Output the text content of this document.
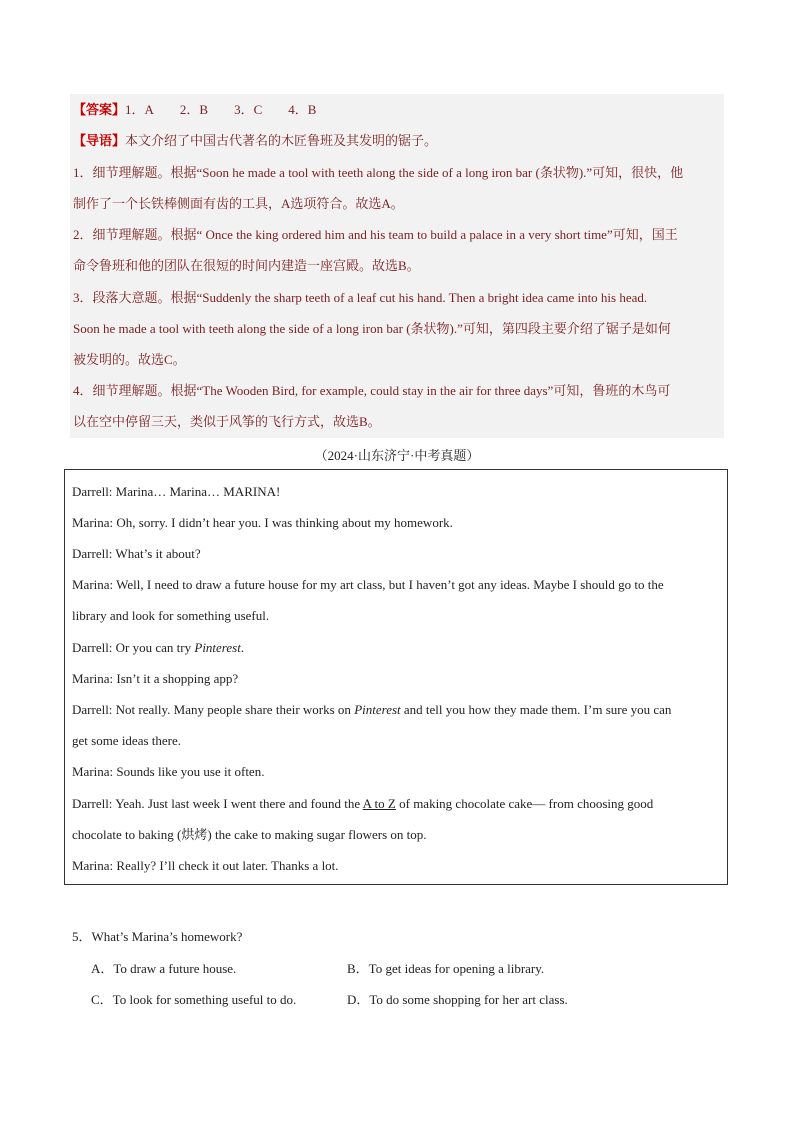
【答案】1．A 2．B 3．C 4．B
【导语】本文介绍了中国古代著名的木匠鲁班及其发明的锯子。
1．细节理解题。根据“Soon he made a tool with teeth along the side of a long iron bar (条状物).”可知，很快，他
制作了一个长铁棒侧面有齿的工具，A选项符合。故选A。
2．细节理解题。根据“ Once the king ordered him and his team to build a palace in a very short time”可知，国王
命令鲁班和他的团队在很短的时间内建造一座宫殿。故选B。
3．段落大意题。根据“Suddenly the sharp teeth of a leaf cut his hand. Then a bright idea came into his head.
Soon he made a tool with teeth along the side of a long iron bar (条状物).”可知，第四段主要介绍了锯子是如何
被发明的。故选C。
4．细节理解题。根据“The Wooden Bird, for example, could stay in the air for three days”可知，鲁班的木鸟可
以在空中停留三天，类似于风筝的飞行方式，故选B。
（2024·山东济宁·中考真题）
Darrell: Marina… Marina… MARINA!
Marina: Oh, sorry. I didn’t hear you. I was thinking about my homework.
Darrell: What’s it about?
Marina: Well, I need to draw a future house for my art class, but I haven’t got any ideas. Maybe I should go to the
library and look for something useful.
Darrell: Or you can try Pinterest.
Marina: Isn’t it a shopping app?
Darrell: Not really. Many people share their works on Pinterest and tell you how they made them. I’m sure you can
get some ideas there.
Marina: Sounds like you use it often.
Darrell: Yeah. Just last week I went there and found the A to Z of making chocolate cake— from choosing good
chocolate to baking (烘烤) the cake to making sugar flowers on top.
Marina: Really? I’ll check it out later. Thanks a lot.
5．What’s Marina’s homework?
A．To draw a future house.	B．To get ideas for opening a library.
C．To look for something useful to do.	D．To do some shopping for her art class.
